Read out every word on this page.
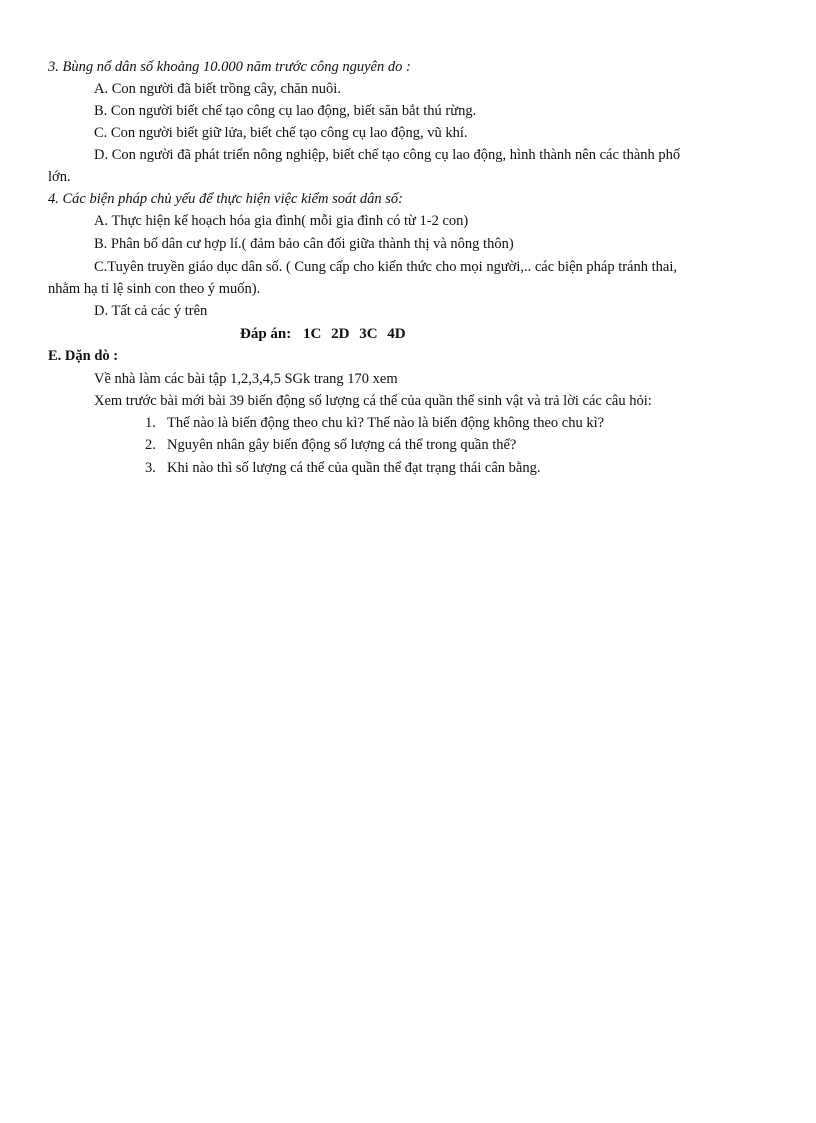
3. Bùng nổ dân số khoảng 10.000 năm trước công nguyên do :
A. Con người đã biết trồng cây, chăn nuôi.
B. Con người biết chế tạo công cụ lao động, biết săn bắt thú rừng.
C. Con người biết giữ lửa, biết chế tạo công cụ lao động, vũ khí.
D. Con người đã phát triển nông nghiệp, biết chế tạo công cụ lao động, hình thành nên các thành phố
lớn.
4. Các biện pháp chủ yếu để thực hiện việc kiểm soát dân số:
A. Thực hiện kế hoạch hóa gia đình( mỗi gia đình có từ 1-2 con)
B. Phân bố dân cư hợp lí.( đảm bảo cân đối giữa thành thị và nông thôn)
C.Tuyên truyền giáo dục dân số. ( Cung cấp cho kiến thức cho mọi người,.. các biện pháp tránh thai,
nhằm hạ tỉ lệ sinh con theo ý muốn).
D. Tất cả các ý trên
Đáp án: 1C 2D 3C 4D
E. Dặn dò :
Về nhà làm các bài tập 1,2,3,4,5 SGk trang 170 xem
Xem trước bài mới bài 39 biến động số lượng cá thể của quần thể sinh vật và trả lời các câu hỏi:
1. Thế nào là biến động theo chu kì? Thế nào là biến động không theo chu kì?
2. Nguyên nhân gây biến động số lượng cá thể trong quần thể?
3. Khi nào thì số lượng cá thể của quần thể đạt trạng thái cân bằng.
